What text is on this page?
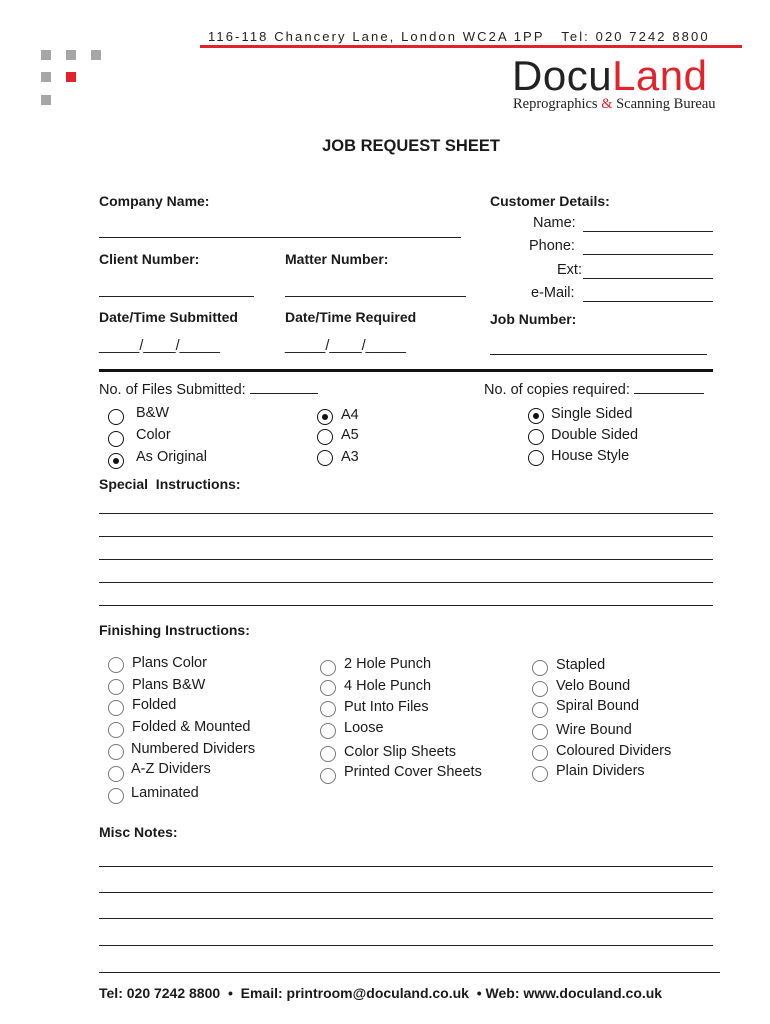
116-118 Chancery Lane, London WC2A 1PP   Tel: 020 7242 8800
DocuLand
Reprographics & Scanning Bureau
JOB REQUEST SHEET
Company Name:	Customer Details:
Name:
Phone:
Ext:
e-Mail:
Client Number:	Matter Number:
Date/Time Submitted
_____/____/_____
Date/Time Required
_____/____/_____
Job Number:
No. of Files Submitted:	No. of copies required:
B&W
Color
As Original
A4
A5
A3
Single Sided
Double Sided
House Style
Special  Instructions:
Finishing Instructions:
Plans Color
Plans B&W
Folded
Folded & Mounted
Numbered Dividers
A-Z Dividers
Laminated
2 Hole Punch
4 Hole Punch
Put Into Files
Loose
Color Slip Sheets
Printed Cover Sheets
Stapled
Velo Bound
Spiral Bound
Wire Bound
Coloured Dividers
Plain Dividers
Misc Notes:
Tel: 020 7242 8800  •  Email: printroom@doculand.co.uk  • Web: www.doculand.co.uk
